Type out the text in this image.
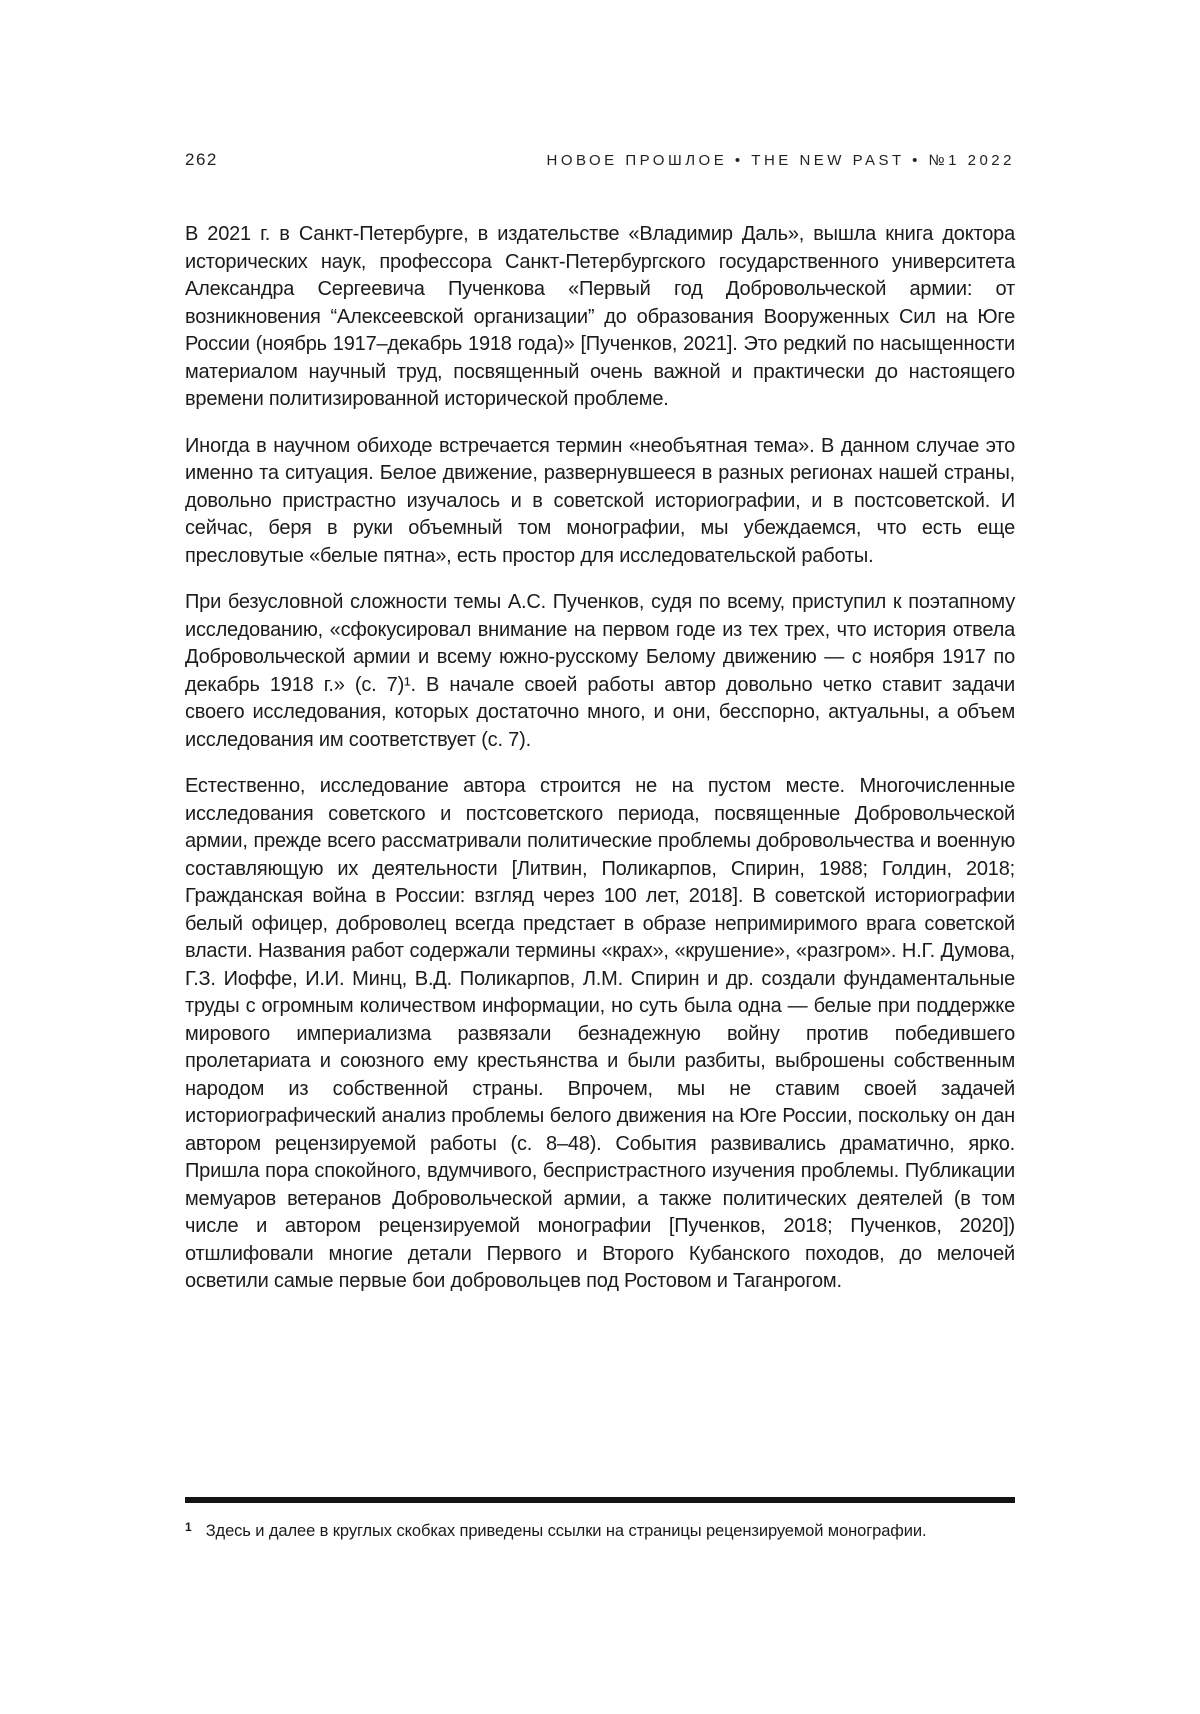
262	НОВОЕ ПРОШЛОЕ • THE NEW PAST • №1 2022

В 2021 г. в Санкт-Петербурге, в издательстве «Владимир Даль», вышла книга доктора исторических наук, профессора Санкт-Петербургского государственного университета Александра Сергеевича Пученкова «Первый год Добровольческой армии: от возникновения “Алексеевской организации” до образования Вооруженных Сил на Юге России (ноябрь 1917–декабрь 1918 года)» [Пученков, 2021]. Это редкий по насыщенности материалом научный труд, посвященный очень важной и практически до настоящего времени политизированной исторической проблеме.

Иногда в научном обиходе встречается термин «необъятная тема». В данном случае это именно та ситуация. Белое движение, развернувшееся в разных регионах нашей страны, довольно пристрастно изучалось и в советской историографии, и в постсоветской. И сейчас, беря в руки объемный том монографии, мы убеждаемся, что есть еще пресловутые «белые пятна», есть простор для исследовательской работы.

При безусловной сложности темы А.С. Пученков, судя по всему, приступил к поэтапному исследованию, «сфокусировал внимание на первом годе из тех трех, что история отвела Добровольческой армии и всему южно-русскому Белому движению — с ноября 1917 по декабрь 1918 г.» (с. 7)¹. В начале своей работы автор довольно четко ставит задачи своего исследования, которых достаточно много, и они, бесспорно, актуальны, а объем исследования им соответствует (с. 7).

Естественно, исследование автора строится не на пустом месте. Многочисленные исследования советского и постсоветского периода, посвященные Добровольческой армии, прежде всего рассматривали политические проблемы добровольчества и военную составляющую их деятельности [Литвин, Поликарпов, Спирин, 1988; Голдин, 2018; Гражданская война в России: взгляд через 100 лет, 2018]. В советской историографии белый офицер, доброволец всегда предстает в образе непримиримого врага советской власти. Названия работ содержали термины «крах», «крушение», «разгром». Н.Г. Думова, Г.З. Иоффе, И.И. Минц, В.Д. Поликарпов, Л.М. Спирин и др. создали фундаментальные труды с огромным количеством информации, но суть была одна — белые при поддержке мирового империализма развязали безнадежную войну против победившего пролетариата и союзного ему крестьянства и были разбиты, выброшены собственным народом из собственной страны. Впрочем, мы не ставим своей задачей историографический анализ проблемы белого движения на Юге России, поскольку он дан автором рецензируемой работы (с. 8–48). События развивались драматично, ярко. Пришла пора спокойного, вдумчивого, беспристрастного изучения проблемы. Публикации мемуаров ветеранов Добровольческой армии, а также политических деятелей (в том числе и автором рецензируемой монографии [Пученков, 2018; Пученков, 2020]) отшлифовали многие детали Первого и Второго Кубанского походов, до мелочей осветили самые первые бои добровольцев под Ростовом и Таганрогом.

1 Здесь и далее в круглых скобках приведены ссылки на страницы рецензируемой монографии.
